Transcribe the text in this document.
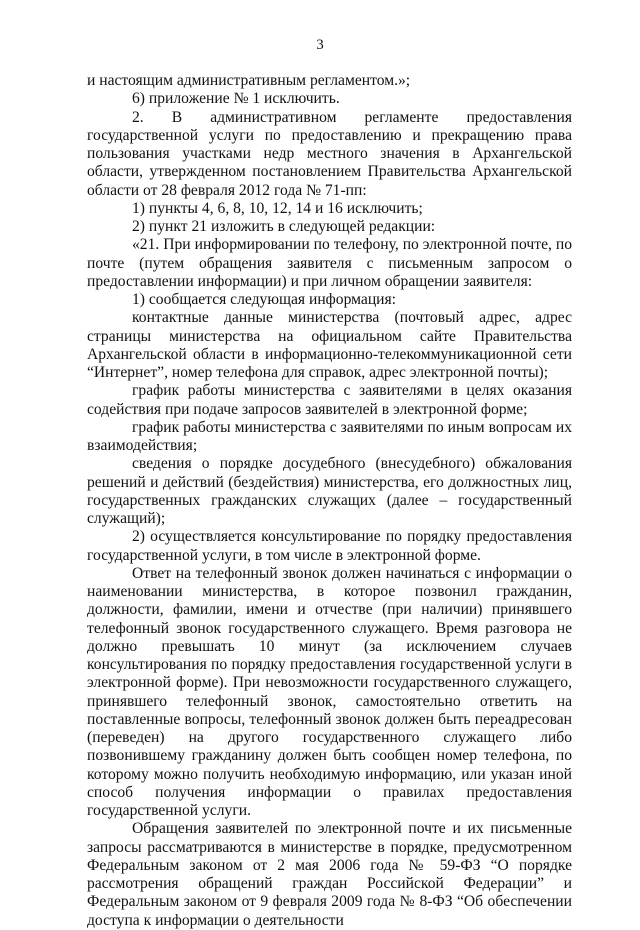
3

и настоящим административным регламентом.»;

6) приложение № 1 исключить.

2. В административном регламенте предоставления государственной услуги по предоставлению и прекращению права пользования участками недр местного значения в Архангельской области, утвержденном постановлением Правительства Архангельской области от 28 февраля 2012 года № 71-пп:

1) пункты 4, 6, 8, 10, 12, 14 и 16 исключить;

2) пункт 21 изложить в следующей редакции:

«21. При информировании по телефону, по электронной почте, по почте (путем обращения заявителя с письменным запросом о предоставлении информации) и при личном обращении заявителя:

1) сообщается следующая информация:

контактные данные министерства (почтовый адрес, адрес страницы министерства на официальном сайте Правительства Архангельской области в информационно-телекоммуникационной сети “Интернет”, номер телефона для справок, адрес электронной почты);

график работы министерства с заявителями в целях оказания содействия при подаче запросов заявителей в электронной форме;

график работы министерства с заявителями по иным вопросам их взаимодействия;

сведения о порядке досудебного (внесудебного) обжалования решений и действий (бездействия) министерства, его должностных лиц, государственных гражданских служащих (далее – государственный служащий);

2) осуществляется консультирование по порядку предоставления государственной услуги, в том числе в электронной форме.

Ответ на телефонный звонок должен начинаться с информации о наименовании министерства, в которое позвонил гражданин, должности, фамилии, имени и отчестве (при наличии) принявшего телефонный звонок государственного служащего. Время разговора не должно превышать 10 минут (за исключением случаев консультирования по порядку предоставления государственной услуги в электронной форме). При невозможности государственного служащего, принявшего телефонный звонок, самостоятельно ответить на поставленные вопросы, телефонный звонок должен быть переадресован (переведен) на другого государственного служащего либо позвонившему гражданину должен быть сообщен номер телефона, по которому можно получить необходимую информацию, или указан иной способ получения информации о правилах предоставления государственной услуги.

Обращения заявителей по электронной почте и их письменные запросы рассматриваются в министерстве в порядке, предусмотренном Федеральным законом от 2 мая 2006 года № 59-ФЗ “О порядке рассмотрения обращений граждан Российской Федерации” и Федеральным законом от 9 февраля 2009 года № 8-ФЗ “Об обеспечении доступа к информации о деятельности
